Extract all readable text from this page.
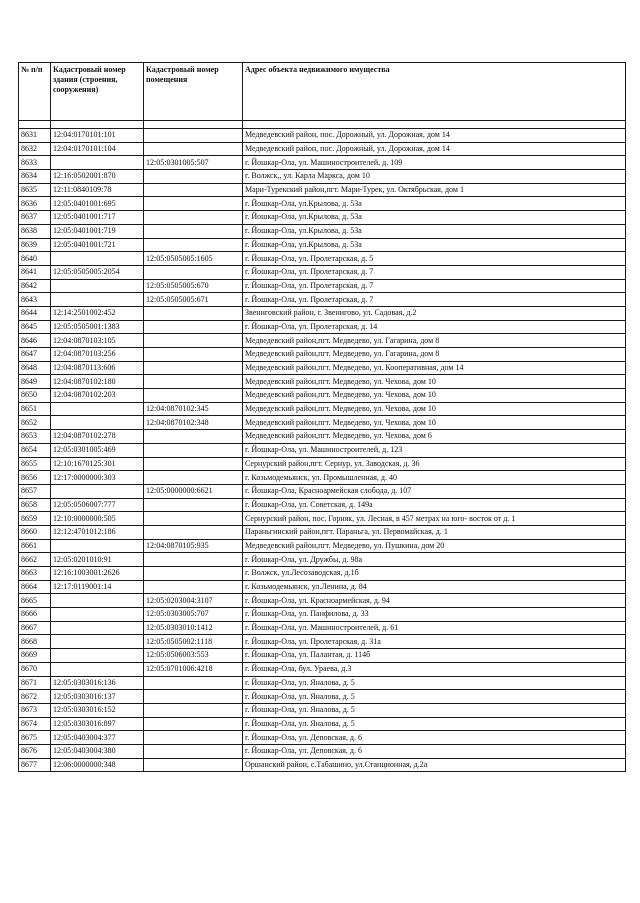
№ п/п	Кадастровый номер здания (строения, сооружения)	Кадастровый номер помещения	Адрес объекта недвижимого имущества

8631	12:04:0170101:101		Медведевский район, пос. Дорожный, ул. Дорожная, дом 14
8632	12:04:0170101:104		Медведевский район, пос. Дорожный, ул. Дорожная, дом 14
8633		12:05:0301005:507	г. Йошкар-Ола, ул. Машиностроителей, д. 109
8634	12:16:0502001:870		г. Волжск,, ул. Карла Маркса, дом 10
8635	12:11:0840109:78		Мари-Турекский район,пгт. Мари-Турек, ул. Октябрьская, дом 1
8636	12:05:0401001:695		г. Йошкар-Ола, ул.Крылова, д. 53а
8637	12:05:0401001:717		г. Йошкар-Ола, ул.Крылова, д. 53а
8638	12:05:0401001:719		г. Йошкар-Ола, ул.Крылова, д. 53а
8639	12:05:0401001:721		г. Йошкар-Ола, ул.Крылова, д. 53а
8640		12:05:0505005:1605	г. Йошкар-Ола, ул. Пролетарская, д. 5
8641	12:05:0505005:2054		г. Йошкар-Ола, ул. Пролетарская, д. 7
8642		12:05:0505005:670	г. Йошкар-Ола, ул. Пролетарская, д. 7
8643		12:05:0505005:671	г. Йошкар-Ола, ул. Пролетарская, д. 7
8644	12:14:2501002:452		Звениговский район, г. Звенигово, ул. Садовая, д.2
8645	12:05:0505001:1383		г. Йошкар-Ола, ул. Пролетарская, д. 14
8646	12:04:0870103:105		Медведевский район,пгт. Медведево, ул. Гагарина, дом 8
8647	12:04:0870103:256		Медведевский район,пгт. Медведево, ул. Гагарина, дом 8
8648	12:04:0870113:606		Медведевский район,пгт. Медведево, ул. Кооперативная, дом 14
8649	12:04:0870102:180		Медведевский район,пгт. Медведево, ул. Чехова, дом 10
8650	12:04:0870102:203		Медведевский район,пгт. Медведево, ул. Чехова, дом 10
8651		12:04:0870102:345	Медведевский район,пгт. Медведево, ул. Чехова, дом 10
8652		12:04:0870102:348	Медведевский район,пгт. Медведево, ул. Чехова, дом 10
8653	12:04:0870102:278		Медведевский район,пгт. Медведево, ул. Чехова, дом 6
8654	12:05:0301005:469		г. Йошкар-Ола, ул. Машиностроителей, д. 123
8655	12:10:1670125:301		Сернурский район,пгт. Сернур, ул. Заводская, д. 36
8656	12:17:0000000:303		г. Козьмодемьянск, ул. Промышленная, д. 40
8657		12:05:0000000:6621	г. Йошкар-Ола, Красноармейская слобода, д. 107
8658	12:05:0506007:777		г. Йошкар-Ола, ул. Советская, д. 149а
8659	12:10:0000000:505		Сернурский район, пос. Горняк, ул. Лесная, в 457 метрах на юго- восток от д. 1
8660	12:12:4701012:186		Параньгинский район,пгт. Параньга, ул. Первомайская, д. 1
8661		12:04:0870105:935	Медведевский район,пгт. Медведево, ул. Пушкина, дом 20
8662	12:05:0201010:91		г. Йошкар-Ола, ул. Дружбы, д. 98а
8663	12:16:1003001:2626		г. Волжск, ул.Лесозаводская, д.1б
8664	12:17:0119001:14		г. Козьмодемьянск, ул.Ленина, д. 84
8665		12:05:0203004:3107	г. Йошкар-Ола, ул. Красноармейская, д. 94
8666		12:05:0303005:707	г. Йошкар-Ола, ул. Панфилова, д. 33
8667		12:05:0303010:1412	г. Йошкар-Ола, ул. Машиностроителей, д. 61
8668		12:05:0505002:1118	г. Йошкар-Ола, ул. Пролетарская, д. 31а
8669		12:05:0506003:553	г. Йошкар-Ола, ул. Палантая, д. 114б
8670		12:05:0701006:4218	г. Йошкар-Ола, бул. Ураева, д.3
8671	12:05:0303016:136		г. Йошкар-Ола, ул. Яналова, д. 5
8672	12:05:0303016:137		г. Йошкар-Ола, ул. Яналова, д. 5
8673	12:05:0303016:152		г. Йошкар-Ола, ул. Яналова, д. 5
8674	12:05:0303016:897		г. Йошкар-Ола, ул. Яналова, д. 5
8675	12:05:0403004:377		г. Йошкар-Ола, ул. Деповская, д. 6
8676	12:05:0403004:380		г. Йошкар-Ола, ул. Деповская, д. 6
8677	12:06:0000000:348		Оршанский район, с.Табашино, ул.Станционная, д.2а
